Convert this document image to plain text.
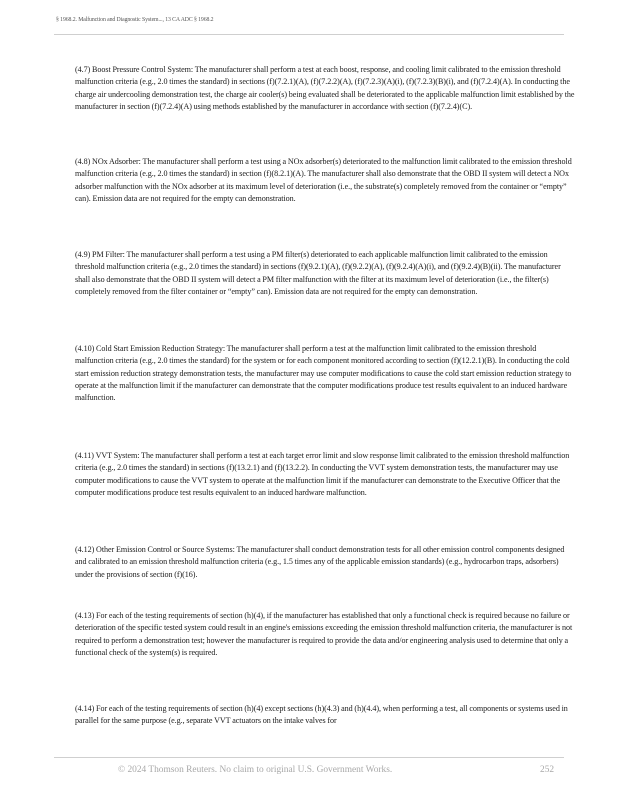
§ 1968.2. Malfunction and Diagnostic System..., 13 CA ADC § 1968.2

(4.7) Boost Pressure Control System: The manufacturer shall perform a test at each boost, response, and cooling limit calibrated to the emission threshold malfunction criteria (e.g., 2.0 times the standard) in sections (f)(7.2.1)(A), (f)(7.2.2)(A), (f)(7.2.3)(A)(i), (f)(7.2.3)(B)(i), and (f)(7.2.4)(A). In conducting the charge air undercooling demonstration test, the charge air cooler(s) being evaluated shall be deteriorated to the applicable malfunction limit established by the manufacturer in section (f)(7.2.4)(A) using methods established by the manufacturer in accordance with section (f)(7.2.4)(C).

(4.8) NOx Adsorber: The manufacturer shall perform a test using a NOx adsorber(s) deteriorated to the malfunction limit calibrated to the emission threshold malfunction criteria (e.g., 2.0 times the standard) in section (f)(8.2.1)(A). The manufacturer shall also demonstrate that the OBD II system will detect a NOx adsorber malfunction with the NOx adsorber at its maximum level of deterioration (i.e., the substrate(s) completely removed from the container or “empty” can). Emission data are not required for the empty can demonstration.

(4.9) PM Filter: The manufacturer shall perform a test using a PM filter(s) deteriorated to each applicable malfunction limit calibrated to the emission threshold malfunction criteria (e.g., 2.0 times the standard) in sections (f)(9.2.1)(A), (f)(9.2.2)(A), (f)(9.2.4)(A)(i), and (f)(9.2.4)(B)(ii). The manufacturer shall also demonstrate that the OBD II system will detect a PM filter malfunction with the filter at its maximum level of deterioration (i.e., the filter(s) completely removed from the filter container or “empty” can). Emission data are not required for the empty can demonstration.

(4.10) Cold Start Emission Reduction Strategy: The manufacturer shall perform a test at the malfunction limit calibrated to the emission threshold malfunction criteria (e.g., 2.0 times the standard) for the system or for each component monitored according to section (f)(12.2.1)(B). In conducting the cold start emission reduction strategy demonstration tests, the manufacturer may use computer modifications to cause the cold start emission reduction strategy to operate at the malfunction limit if the manufacturer can demonstrate that the computer modifications produce test results equivalent to an induced hardware malfunction.

(4.11) VVT System: The manufacturer shall perform a test at each target error limit and slow response limit calibrated to the emission threshold malfunction criteria (e.g., 2.0 times the standard) in sections (f)(13.2.1) and (f)(13.2.2). In conducting the VVT system demonstration tests, the manufacturer may use computer modifications to cause the VVT system to operate at the malfunction limit if the manufacturer can demonstrate to the Executive Officer that the computer modifications produce test results equivalent to an induced hardware malfunction.

(4.12) Other Emission Control or Source Systems: The manufacturer shall conduct demonstration tests for all other emission control components designed and calibrated to an emission threshold malfunction criteria (e.g., 1.5 times any of the applicable emission standards) (e.g., hydrocarbon traps, adsorbers) under the provisions of section (f)(16).

(4.13) For each of the testing requirements of section (h)(4), if the manufacturer has established that only a functional check is required because no failure or deterioration of the specific tested system could result in an engine's emissions exceeding the emission threshold malfunction criteria, the manufacturer is not required to perform a demonstration test; however the manufacturer is required to provide the data and/or engineering analysis used to determine that only a functional check of the system(s) is required.

(4.14) For each of the testing requirements of section (h)(4) except sections (h)(4.3) and (h)(4.4), when performing a test, all components or systems used in parallel for the same purpose (e.g., separate VVT actuators on the intake valves for

© 2024 Thomson Reuters. No claim to original U.S. Government Works.	252
